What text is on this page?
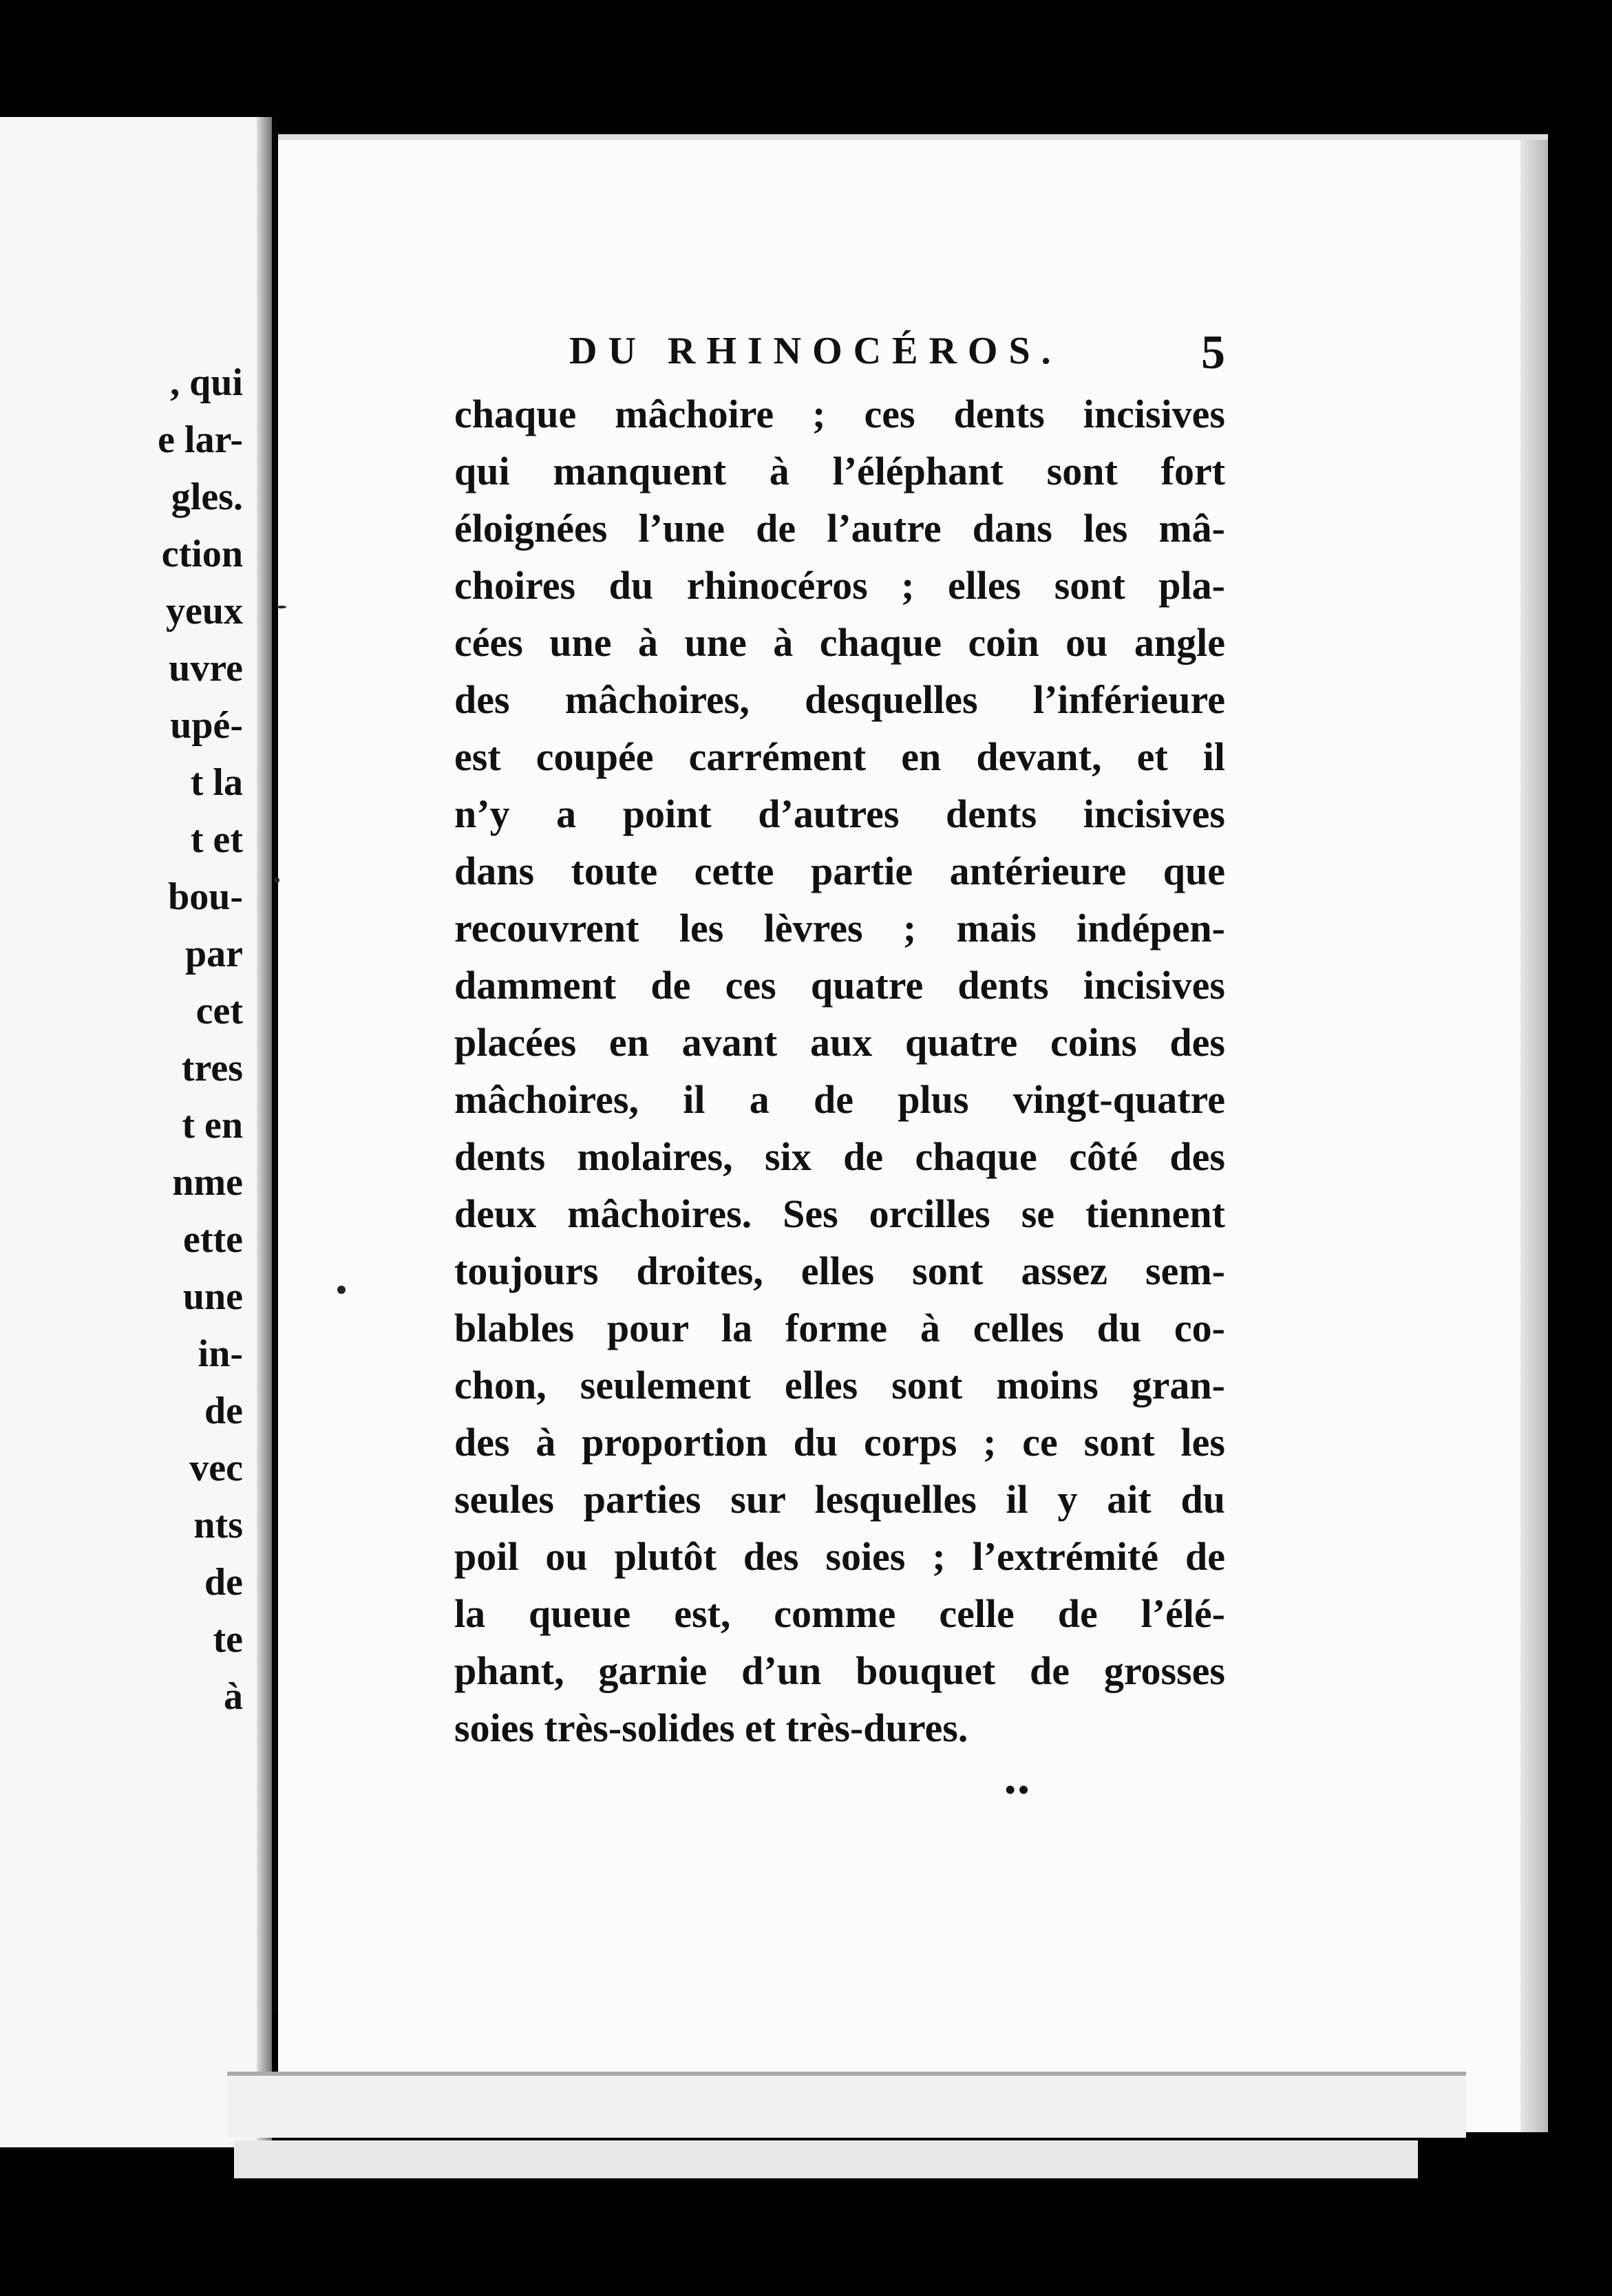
, qui
e lar-
gles.
ction
yeux
uvre
upé-
t la
t et
bou-
par
cet
tres
t en
nme
ette
une
in-
de
vec
nts
de
te
à
DU RHINOCÉROS.	5
chaque mâchoire ; ces dents incisives
qui manquent à l’éléphant sont fort
éloignées l’une de l’autre dans les mâ-
choires du rhinocéros ; elles sont pla-
cées une à une à chaque coin ou angle
des mâchoires, desquelles l’inférieure
est coupée carrément en devant, et il
n’y a point d’autres dents incisives
dans toute cette partie antérieure que
recouvrent les lèvres ; mais indépen-
damment de ces quatre dents incisives
placées en avant aux quatre coins des
mâchoires, il a de plus vingt-quatre
dents molaires, six de chaque côté des
deux mâchoires. Ses orcilles se tiennent
toujours droites, elles sont assez sem-
blables pour la forme à celles du co-
chon, seulement elles sont moins gran-
des à proportion du corps ; ce sont les
seules parties sur lesquelles il y ait du
poil ou plutôt des soies ; l’extrémité de
la queue est, comme celle de l’élé-
phant, garnie d’un bouquet de grosses
soies très-solides et très-dures.
••
